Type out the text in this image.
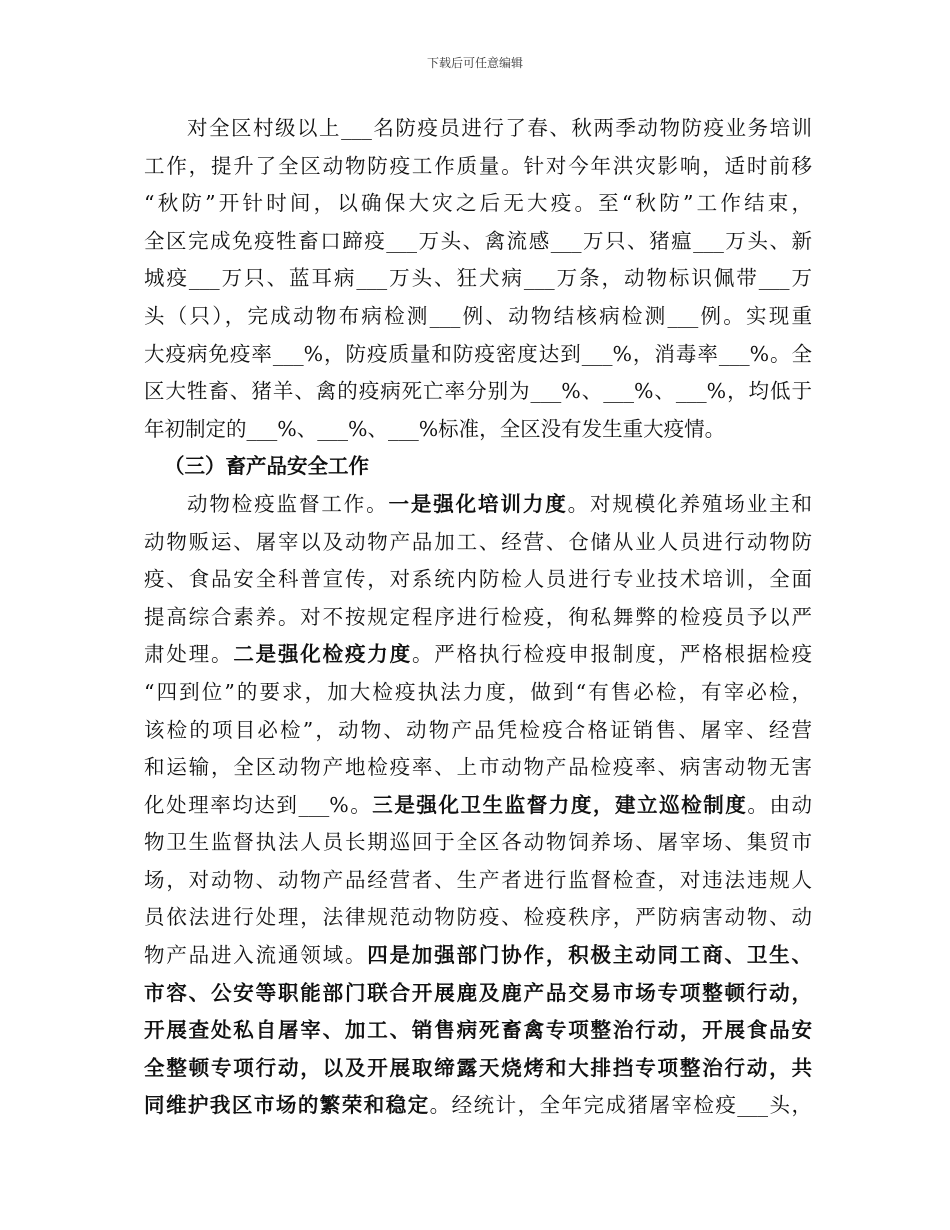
下载后可任意编辑
对全区村级以上___名防疫员进行了春、秋两季动物防疫业务培训
工作，提升了全区动物防疫工作质量。针对今年洪灾影响，适时前移
“秋防”开针时间，以确保大灾之后无大疫。至“秋防”工作结束，
全区完成免疫牲畜口蹄疫___万头、禽流感___万只、猪瘟___万头、新
城疫___万只、蓝耳病___万头、狂犬病___万条，动物标识佩带___万
头（只），完成动物布病检测___例、动物结核病检测___例。实现重
大疫病免疫率___%，防疫质量和防疫密度达到___%，消毒率___%。全
区大牲畜、猪羊、禽的疫病死亡率分别为___%、___%、___%，均低于
年初制定的___%、___%、___%标准，全区没有发生重大疫情。
（三）畜产品安全工作
动物检疫监督工作。一是强化培训力度。对规模化养殖场业主和
动物贩运、屠宰以及动物产品加工、经营、仓储从业人员进行动物防
疫、食品安全科普宣传，对系统内防检人员进行专业技术培训，全面
提高综合素养。对不按规定程序进行检疫，徇私舞弊的检疫员予以严
肃处理。二是强化检疫力度。严格执行检疫申报制度，严格根据检疫
“四到位”的要求，加大检疫执法力度，做到“有售必检，有宰必检，
该检的项目必检”，动物、动物产品凭检疫合格证销售、屠宰、经营
和运输，全区动物产地检疫率、上市动物产品检疫率、病害动物无害
化处理率均达到___%。三是强化卫生监督力度，建立巡检制度。由动
物卫生监督执法人员长期巡回于全区各动物饲养场、屠宰场、集贸市
场，对动物、动物产品经营者、生产者进行监督检查，对违法违规人
员依法进行处理，法律规范动物防疫、检疫秩序，严防病害动物、动
物产品进入流通领域。四是加强部门协作，积极主动同工商、卫生、
市容、公安等职能部门联合开展鹿及鹿产品交易市场专项整顿行动，
开展查处私自屠宰、加工、销售病死畜禽专项整治行动，开展食品安
全整顿专项行动，以及开展取缔露天烧烤和大排挡专项整治行动，共
同维护我区市场的繁荣和稳定。经统计，全年完成猪屠宰检疫___头，
